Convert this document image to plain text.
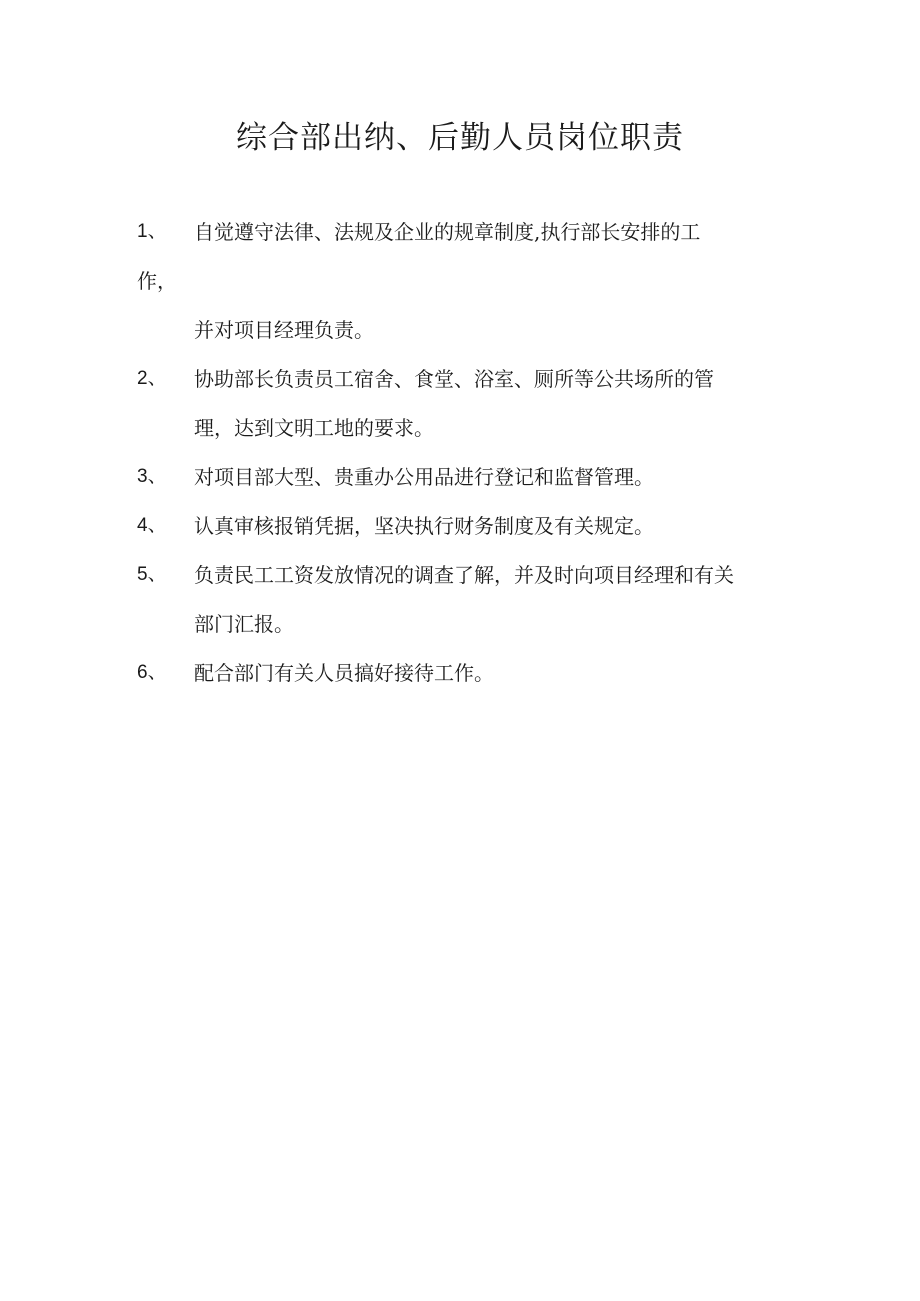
综合部出纳、后勤人员岗位职责
1、 自觉遵守法律、法规及企业的规章制度,执行部长安排的工
作，
并对项目经理负责。
2、 协助部长负责员工宿舍、食堂、浴室、厕所等公共场所的管
理，达到文明工地的要求。
3、 对项目部大型、贵重办公用品进行登记和监督管理。
4、 认真审核报销凭据，坚决执行财务制度及有关规定。
5、 负责民工工资发放情况的调查了解，并及时向项目经理和有关
部门汇报。
6、 配合部门有关人员搞好接待工作。
